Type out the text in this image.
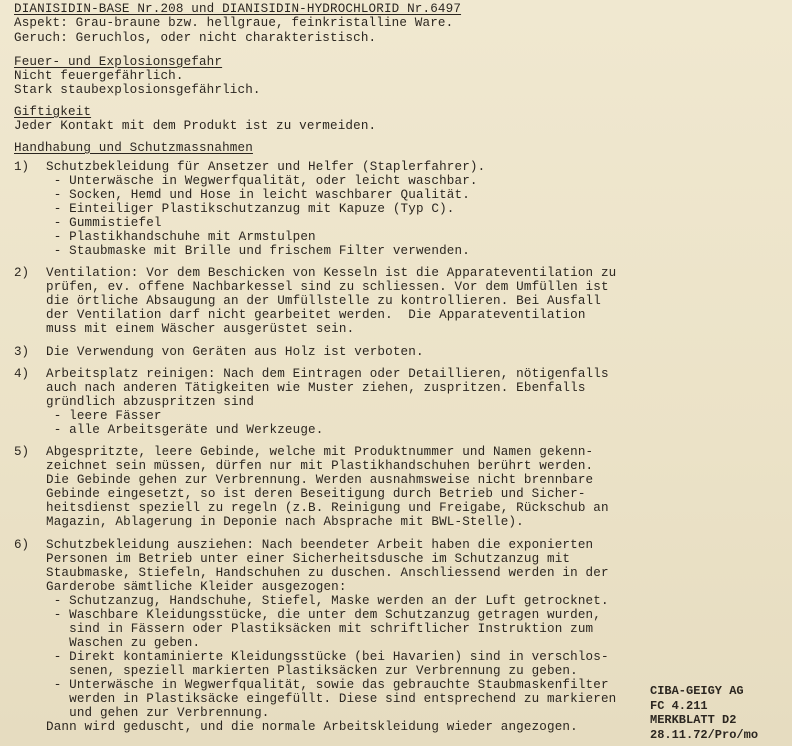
DIANISIDIN-BASE Nr.208 und DIANISIDIN-HYDROCHLORID Nr.6497
Aspekt: Grau-braune bzw. hellgraue, feinkristalline Ware.
Geruch: Geruchlos, oder nicht charakteristisch.
Feuer- und Explosionsgefahr
Nicht feuergefährlich.
Stark staubexplosionsgefährlich.
Giftigkeit
Jeder Kontakt mit dem Produkt ist zu vermeiden.
Handhabung und Schutzmassnahmen
1) Schutzbekleidung für Ansetzer und Helfer (Staplerfahrer).
- Unterwäsche in Wegwerfqualität, oder leicht waschbar.
- Socken, Hemd und Hose in leicht waschbarer Qualität.
- Einteiliger Plastikschutzanzug mit Kapuze (Typ C).
- Gummistiefel
- Plastikhandschuhe mit Armstulpen
- Staubmaske mit Brille und frischem Filter verwenden.
2) Ventilation: Vor dem Beschicken von Kesseln ist die Apparateventilation zu
prüfen, ev. offene Nachbarkessel sind zu schliessen. Vor dem Umfüllen ist
die örtliche Absaugung an der Umfüllstelle zu kontrollieren. Bei Ausfall
der Ventilation darf nicht gearbeitet werden.  Die Apparateventilation
muss mit einem Wäscher ausgerüstet sein.
3) Die Verwendung von Geräten aus Holz ist verboten.
4) Arbeitsplatz reinigen: Nach dem Eintragen oder Detaillieren, nötigenfalls
auch nach anderen Tätigkeiten wie Muster ziehen, zuspritzen. Ebenfalls
gründlich abzuspritzen sind
- leere Fässer
- alle Arbeitsgeräte und Werkzeuge.
5) Abgespritzte, leere Gebinde, welche mit Produktnummer und Namen gekenn-
zeichnet sein müssen, dürfen nur mit Plastikhandschuhen berührt werden.
Die Gebinde gehen zur Verbrennung. Werden ausnahmsweise nicht brennbare
Gebinde eingesetzt, so ist deren Beseitigung durch Betrieb und Sicher-
heitsdienst speziell zu regeln (z.B. Reinigung und Freigabe, Rückschub an
Magazin, Ablagerung in Deponie nach Absprache mit BWL-Stelle).
6) Schutzbekleidung ausziehen: Nach beendeter Arbeit haben die exponierten
Personen im Betrieb unter einer Sicherheitsdusche im Schutzanzug mit
Staubmaske, Stiefeln, Handschuhen zu duschen. Anschliessend werden in der
Garderobe sämtliche Kleider ausgezogen:
- Schutzanzug, Handschuhe, Stiefel, Maske werden an der Luft getrocknet.
- Waschbare Kleidungsstücke, die unter dem Schutzanzug getragen wurden,
sind in Fässern oder Plastiksäcken mit schriftlicher Instruktion zum
Waschen zu geben.
- Direkt kontaminierte Kleidungsstücke (bei Havarien) sind in verschlos-
senen, speziell markierten Plastiksäcken zur Verbrennung zu geben.
- Unterwäsche in Wegwerfqualität, sowie das gebrauchte Staubmaskenfilter
werden in Plastiksäcke eingefüllt. Diese sind entsprechend zu markieren
und gehen zur Verbrennung.
Dann wird geduscht, und die normale Arbeitskleidung wieder angezogen.
CIBA-GEIGY AG
FC 4.211
MERKBLATT D2
28.11.72/Pro/mo
